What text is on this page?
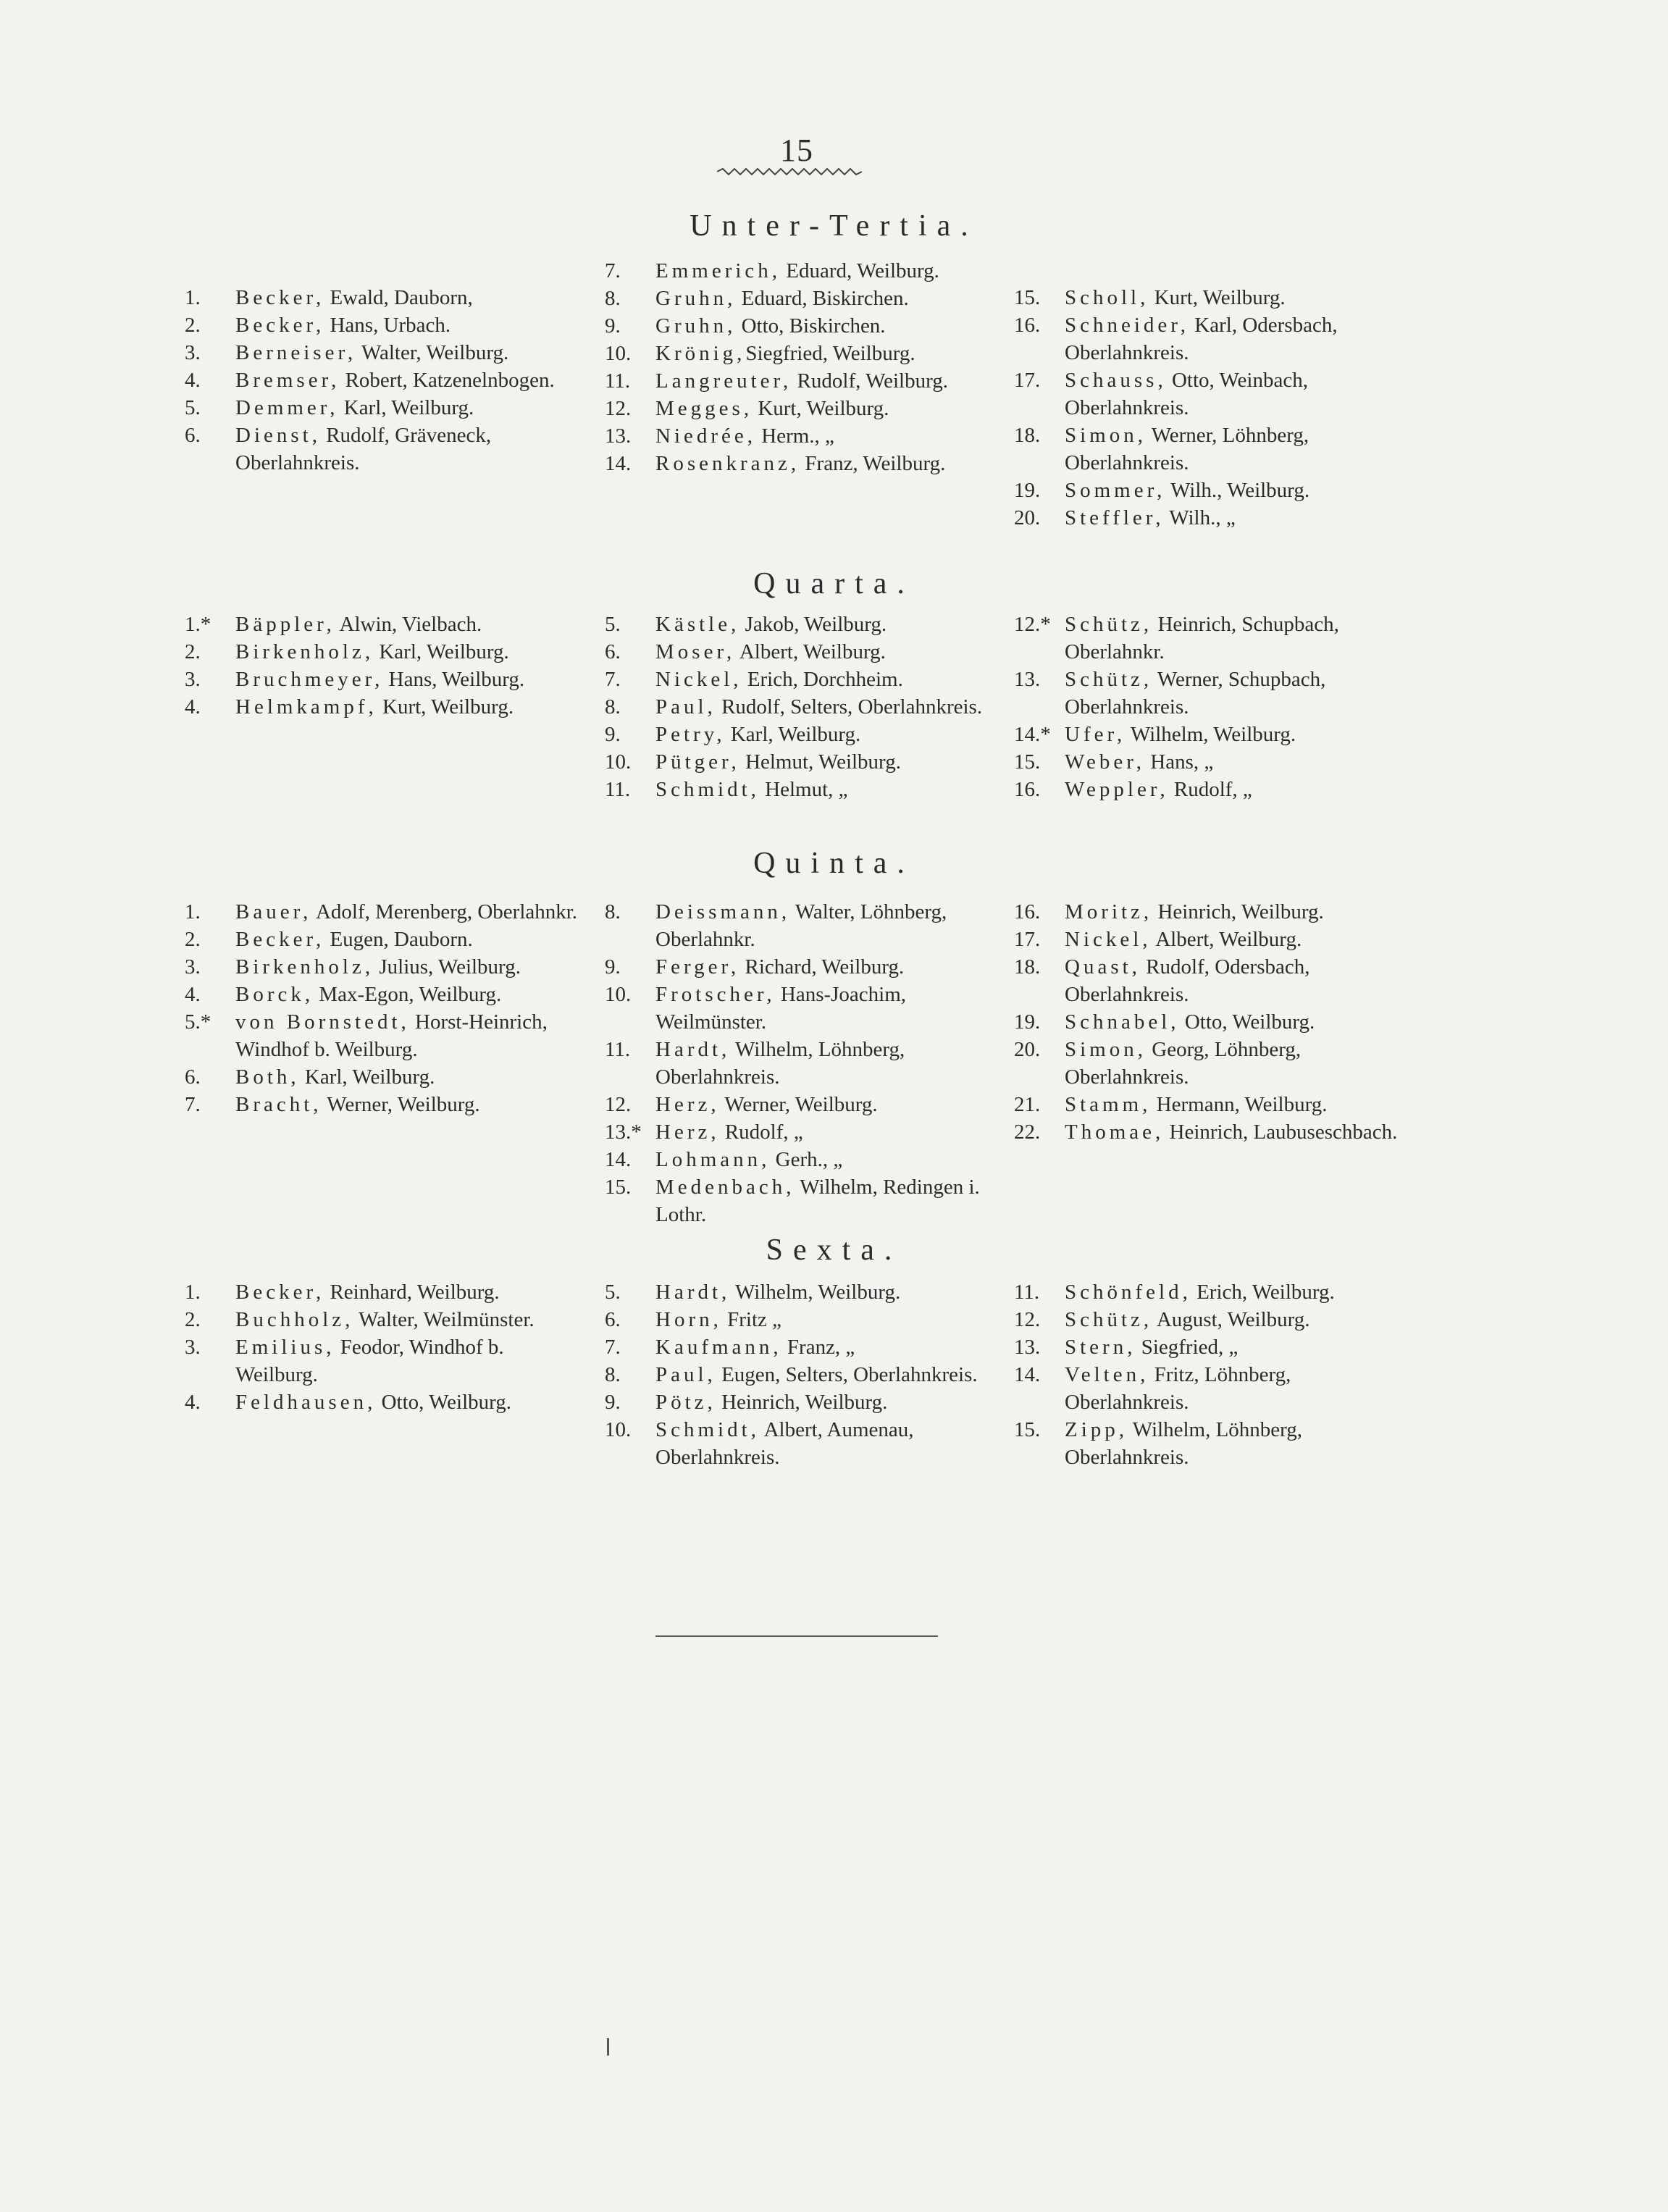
15
Unter-Tertia.
1.	Becker, Ewald, Dauborn,
2.	Becker, Hans, Urbach.
3.	Berneiser, Walter, Weilburg.
4.	Bremser, Robert, Katzenelnbogen.
5.	Demmer, Karl, Weilburg.
6.	Dienst, Rudolf, Gräveneck, Oberlahnkreis.
7.	Emmerich, Eduard, Weilburg.
8.	Gruhn, Eduard, Biskirchen.
9.	Gruhn, Otto, Biskirchen.
10.	Krönig,Siegfried, Weilburg.
11.	Langreuter, Rudolf, Weilburg.
12.	Megges, Kurt, Weilburg.
13.	Niedrée, Herm., „
14.	Rosenkranz, Franz, Weilburg.
15.	Scholl, Kurt, Weilburg.
16.	Schneider, Karl, Odersbach, Oberlahnkreis.
17.	Schauss, Otto, Weinbach, Oberlahnkreis.
18.	Simon, Werner, Löhnberg, Oberlahnkreis.
19.	Sommer, Wilh., Weilburg.
20.	Steffler, Wilh., „
Quarta.
1.*	Bäppler, Alwin, Vielbach.
2.	Birkenholz, Karl, Weilburg.
3.	Bruchmeyer, Hans, Weilburg.
4.	Helmkampf, Kurt, Weilburg.
5.	Kästle, Jakob, Weilburg.
6.	Moser, Albert, Weilburg.
7.	Nickel, Erich, Dorchheim.
8.	Paul, Rudolf, Selters, Oberlahnkreis.
9.	Petry, Karl, Weilburg.
10.	Pütger, Helmut, Weilburg.
11.	Schmidt, Helmut, „
12.* Schütz, Heinrich, Schupbach, Oberlahnkr.
13.	Schütz, Werner, Schupbach, Oberlahnkreis.
14.* Ufer, Wilhelm, Weilburg.
15.	Weber, Hans, „
16.	Weppler, Rudolf, „
Quinta.
1.	Bauer, Adolf, Merenberg, Oberlahnkr.
2.	Becker, Eugen, Dauborn.
3.	Birkenholz, Julius, Weilburg.
4.	Borck, Max-Egon, Weilburg.
5.*	von Bornstedt, Horst-Heinrich, Windhof b. Weilburg.
6.	Both, Karl, Weilburg.
7.	Bracht, Werner, Weilburg.
8.	Deissmann, Walter, Löhnberg, Oberlahnkr.
9.	Ferger, Richard, Weilburg.
10.	Frotscher, Hans-Joachim, Weilmünster.
11.	Hardt, Wilhelm, Löhnberg, Oberlahnkreis.
12.	Herz, Werner, Weilburg.
13.* Herz, Rudolf, „
14.	Lohmann, Gerh., „
15.	Medenbach, Wilhelm, Redingen i. Lothr.
16.	Moritz, Heinrich, Weilburg.
17.	Nickel, Albert, Weilburg.
18.	Quast, Rudolf, Odersbach, Oberlahnkreis.
19.	Schnabel, Otto, Weilburg.
20.	Simon, Georg, Löhnberg, Oberlahnkreis.
21.	Stamm, Hermann, Weilburg.
22.	Thomae, Heinrich, Laubuseschbach.
Sexta.
1.	Becker, Reinhard, Weilburg.
2.	Buchholz, Walter, Weilmünster.
3.	Emilius, Feodor, Windhof b. Weilburg.
4.	Feldhausen, Otto, Weilburg.
5.	Hardt, Wilhelm, Weilburg.
6.	Horn, Fritz „
7.	Kaufmann, Franz, „
8.	Paul, Eugen, Selters, Oberlahnkreis.
9.	Pötz, Heinrich, Weilburg.
10.	Schmidt, Albert, Aumenau, Oberlahnkreis.
11.	Schönfeld, Erich, Weilburg.
12.	Schütz, August, Weilburg.
13.	Stern, Siegfried, „
14.	Velten, Fritz, Löhnberg, Oberlahnkreis.
15.	Zipp, Wilhelm, Löhnberg, Oberlahnkreis.
